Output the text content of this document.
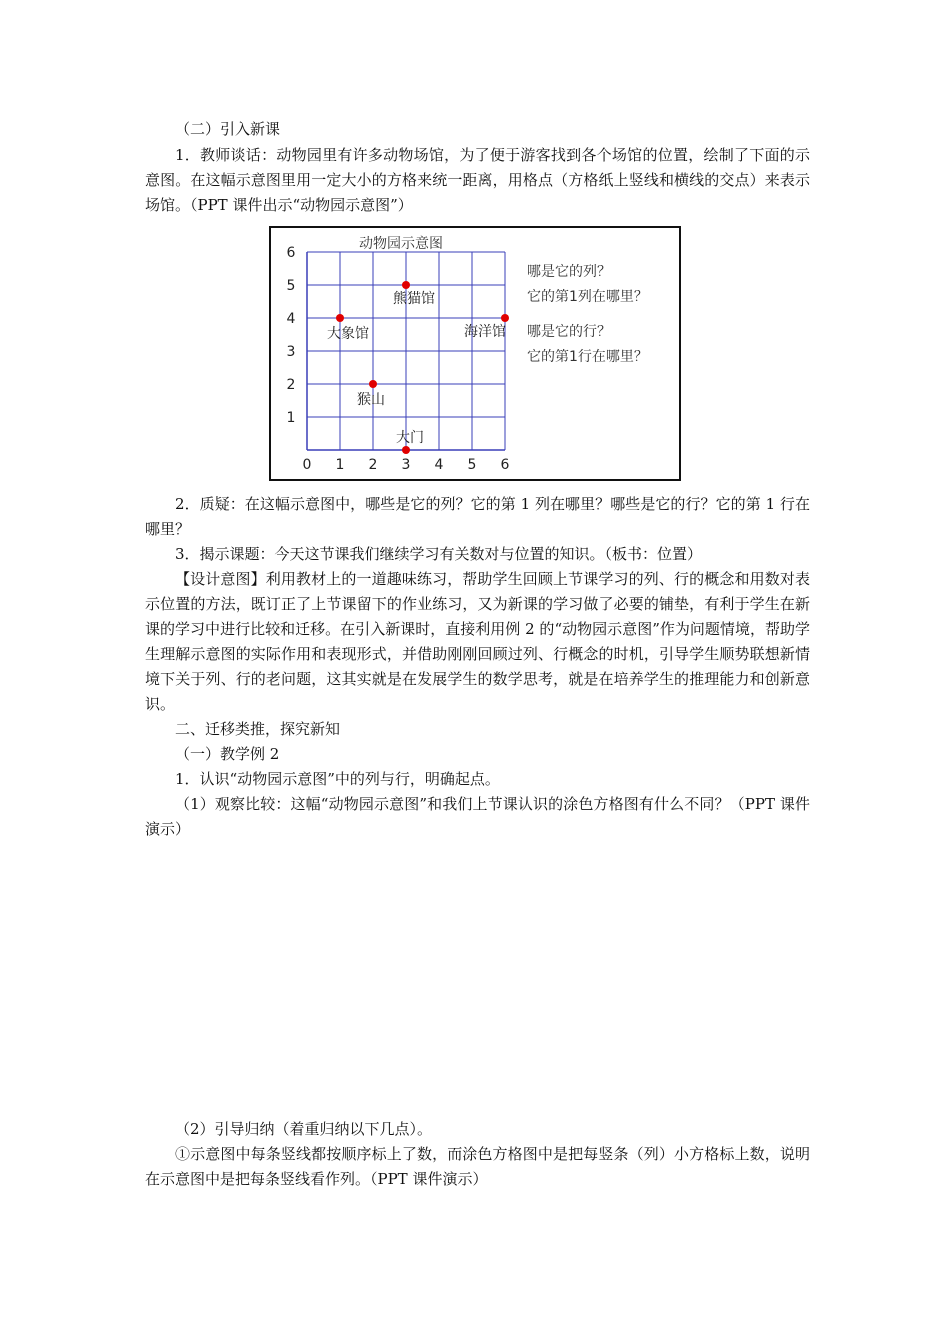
（二）引入新课

1．教师谈话：动物园里有许多动物场馆，为了便于游客找到各个场馆的位置，绘制了下面的示意图。在这幅示意图里用一定大小的方格来统一距离，用格点（方格纸上竖线和横线的交点）来表示场馆。（PPT 课件出示“动物园示意图”）

动物园示意图
0 1 2 3 4 5 6
1
2
3
4
5
6
熊猫馆
大象馆	海洋馆
猴山
大门
哪是它的列？
它的第1列在哪里？
哪是它的行？
它的第1行在哪里？

2．质疑：在这幅示意图中，哪些是它的列？它的第 1 列在哪里？哪些是它的行？它的第 1 行在哪里？

3．揭示课题：今天这节课我们继续学习有关数对与位置的知识。（板书：位置）

【设计意图】利用教材上的一道趣味练习，帮助学生回顾上节课学习的列、行的概念和用数对表示位置的方法，既订正了上节课留下的作业练习，又为新课的学习做了必要的铺垫，有利于学生在新课的学习中进行比较和迁移。在引入新课时，直接利用例 2 的“动物园示意图”作为问题情境，帮助学生理解示意图的实际作用和表现形式，并借助刚刚回顾过列、行概念的时机，引导学生顺势联想新情境下关于列、行的老问题，这其实就是在发展学生的数学思考，就是在培养学生的推理能力和创新意识。

二、迁移类推，探究新知

（一）教学例 2

1．认识“动物园示意图”中的列与行，明确起点。

（1）观察比较：这幅“动物园示意图”和我们上节课认识的涂色方格图有什么不同？（PPT 课件演示）

（2）引导归纳（着重归纳以下几点）。

①示意图中每条竖线都按顺序标上了数，而涂色方格图中是把每竖条（列）小方格标上数，说明在示意图中是把每条竖线看作列。（PPT 课件演示）
